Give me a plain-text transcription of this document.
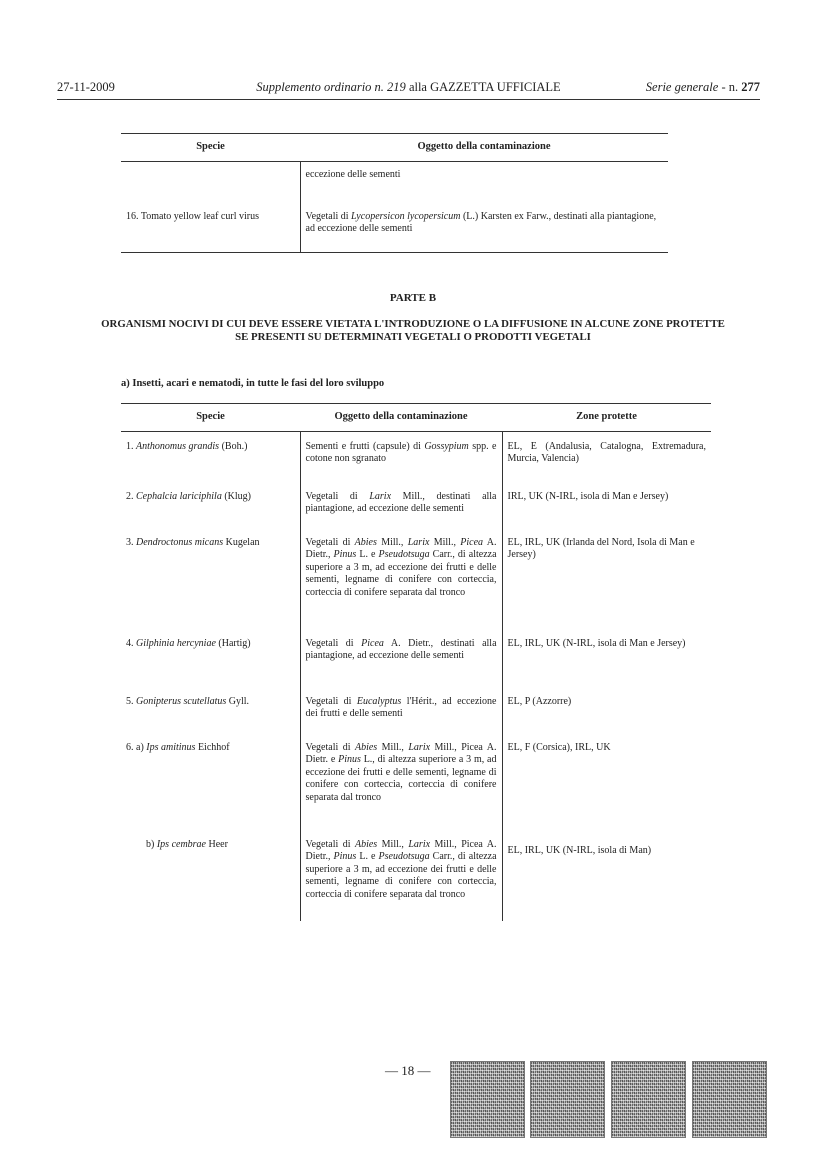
27-11-2009	Supplemento ordinario n. 219 alla GAZZETTA UFFICIALE	Serie generale - n. 277
Specie	Oggetto della contaminazione
	eccezione delle sementi
16. Tomato yellow leaf curl virus	Vegetali di Lycopersicon lycopersicum (L.) Karsten ex Farw., destinati alla piantagione, ad eccezione delle sementi
PARTE B
ORGANISMI NOCIVI DI CUI DEVE ESSERE VIETATA L'INTRODUZIONE O LA DIFFUSIONE IN ALCUNE ZONE PROTETTE SE PRESENTI SU DETERMINATI VEGETALI O PRODOTTI VEGETALI
a) Insetti, acari e nematodi, in tutte le fasi del loro sviluppo
Specie	Oggetto della contaminazione	Zone protette
1. Anthonomus grandis (Boh.)	Sementi e frutti (capsule) di Gossypium spp. e cotone non sgranato	EL, E (Andalusia, Catalogna, Extremadura, Murcia, Valencia)
2. Cephalcia lariciphila (Klug)	Vegetali di Larix Mill., destinati alla piantagione, ad eccezione delle sementi	IRL, UK (N-IRL, isola di Man e Jersey)
3. Dendroctonus micans Kugelan	Vegetali di Abies Mill., Larix Mill., Picea A. Dietr., Pinus L. e Pseudotsuga Carr., di altezza superiore a 3 m, ad eccezione dei frutti e delle sementi, legname di conifere con corteccia, corteccia di conifere separata dal tronco	EL, IRL, UK (Irlanda del Nord, Isola di Man e Jersey)
4. Gilphinia hercyniae (Hartig)	Vegetali di Picea A. Dietr., destinati alla piantagione, ad eccezione delle sementi	EL, IRL, UK (N-IRL, isola di Man e Jersey)
5. Gonipterus scutellatus Gyll.	Vegetali di Eucalyptus l'Hérit., ad eccezione dei frutti e delle sementi	EL, P (Azzorre)
6. a) Ips amitinus Eichhof	Vegetali di Abies Mill., Larix Mill., Picea A. Dietr. e Pinus L., di altezza superiore a 3 m, ad eccezione dei frutti e delle sementi, legname di conifere con corteccia, corteccia di conifere separata dal tronco	EL, F (Corsica), IRL, UK
b) Ips cembrae Heer	Vegetali di Abies Mill., Larix Mill., Picea A. Dietr., Pinus L. e Pseudotsuga Carr., di altezza superiore a 3 m, ad eccezione dei frutti e delle sementi, legname di conifere con corteccia, corteccia di conifere separata dal tronco	EL, IRL, UK (N-IRL, isola di Man)
— 18 —
